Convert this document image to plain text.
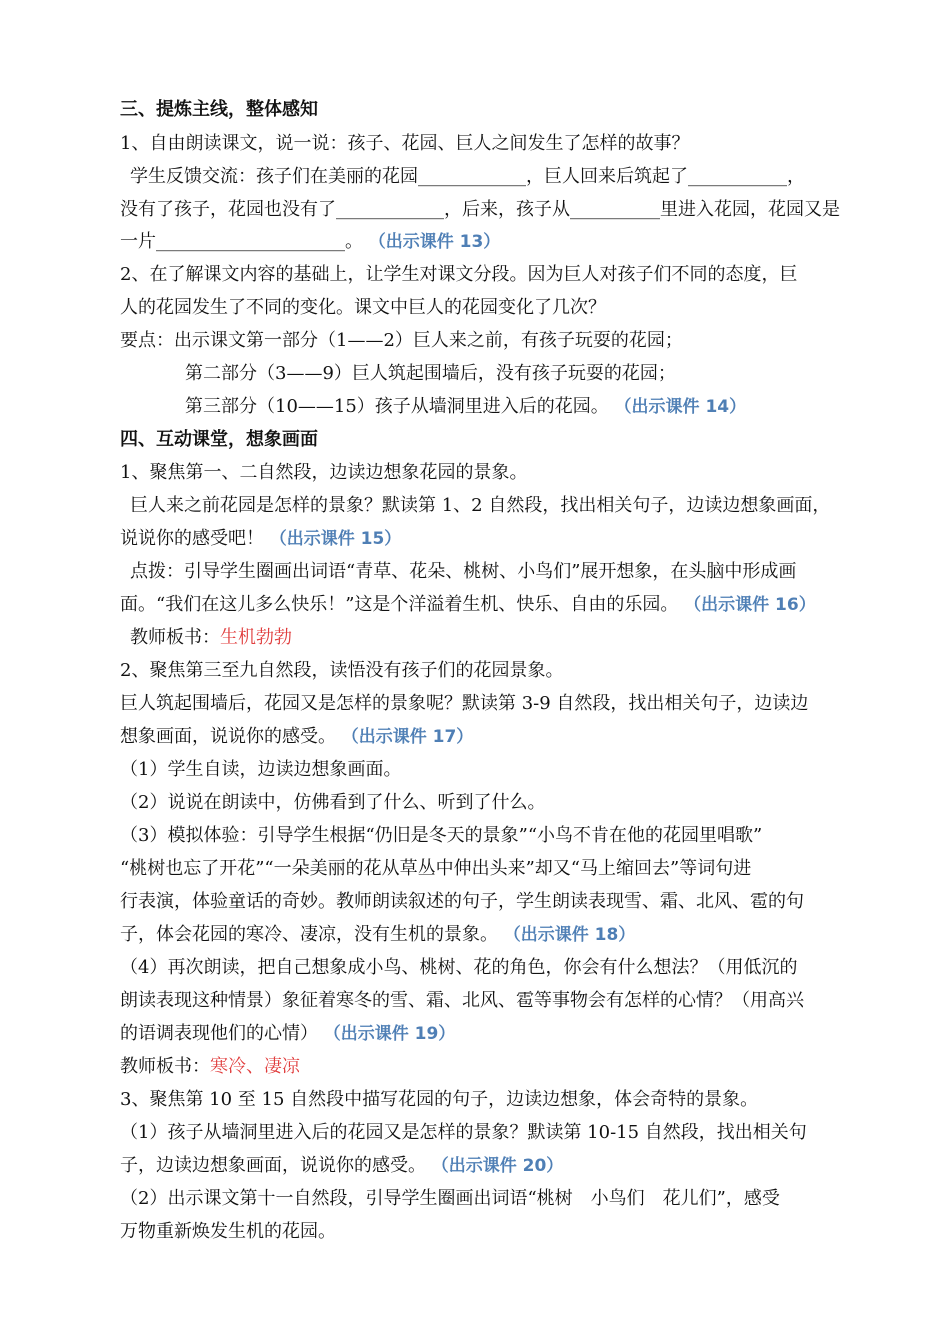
三、提炼主线，整体感知
1、自由朗读课文，说一说：孩子、花园、巨人之间发生了怎样的故事？
学生反馈交流：孩子们在美丽的花园____________，巨人回来后筑起了___________，
没有了孩子，花园也没有了____________，后来，孩子从__________里进入花园，花园又是
一片_____________________。 （出示课件 13）
2、在了解课文内容的基础上，让学生对课文分段。因为巨人对孩子们不同的态度，巨
人的花园发生了不同的变化。课文中巨人的花园变化了几次？
要点：出示课文第一部分（1——2）巨人来之前，有孩子玩耍的花园；
第二部分（3——9）巨人筑起围墙后，没有孩子玩耍的花园；
第三部分（10——15）孩子从墙洞里进入后的花园。 （出示课件 14）
四、互动课堂，想象画面
1、聚焦第一、二自然段，边读边想象花园的景象。
巨人来之前花园是怎样的景象？默读第 1、2 自然段，找出相关句子，边读边想象画面，
说说你的感受吧！ （出示课件 15）
点拨：引导学生圈画出词语“青草、花朵、桃树、小鸟们”展开想象，在头脑中形成画
面。“我们在这儿多么快乐！”这是个洋溢着生机、快乐、自由的乐园。 （出示课件 16）
教师板书：生机勃勃
2、聚焦第三至九自然段，读悟没有孩子们的花园景象。
巨人筑起围墙后，花园又是怎样的景象呢？默读第 3-9 自然段，找出相关句子，边读边
想象画面，说说你的感受。 （出示课件 17）
（1）学生自读，边读边想象画面。
（2）说说在朗读中，仿佛看到了什么、听到了什么。
（3）模拟体验：引导学生根据“仍旧是冬天的景象”“小鸟不肯在他的花园里唱歌”
“桃树也忘了开花”“一朵美丽的花从草丛中伸出头来”却又“马上缩回去”等词句进
行表演，体验童话的奇妙。教师朗读叙述的句子，学生朗读表现雪、霜、北风、雹的句
子，体会花园的寒冷、凄凉，没有生机的景象。 （出示课件 18）
（4）再次朗读，把自己想象成小鸟、桃树、花的角色，你会有什么想法？（用低沉的
朗读表现这种情景）象征着寒冬的雪、霜、北风、雹等事物会有怎样的心情？（用高兴
的语调表现他们的心情） （出示课件 19）
教师板书：寒冷、凄凉
3、聚焦第 10 至 15 自然段中描写花园的句子，边读边想象，体会奇特的景象。
（1）孩子从墙洞里进入后的花园又是怎样的景象？默读第 10-15 自然段，找出相关句
子，边读边想象画面，说说你的感受。 （出示课件 20）
（2）出示课文第十一自然段，引导学生圈画出词语“桃树　小鸟们　花儿们”，感受
万物重新焕发生机的花园。
